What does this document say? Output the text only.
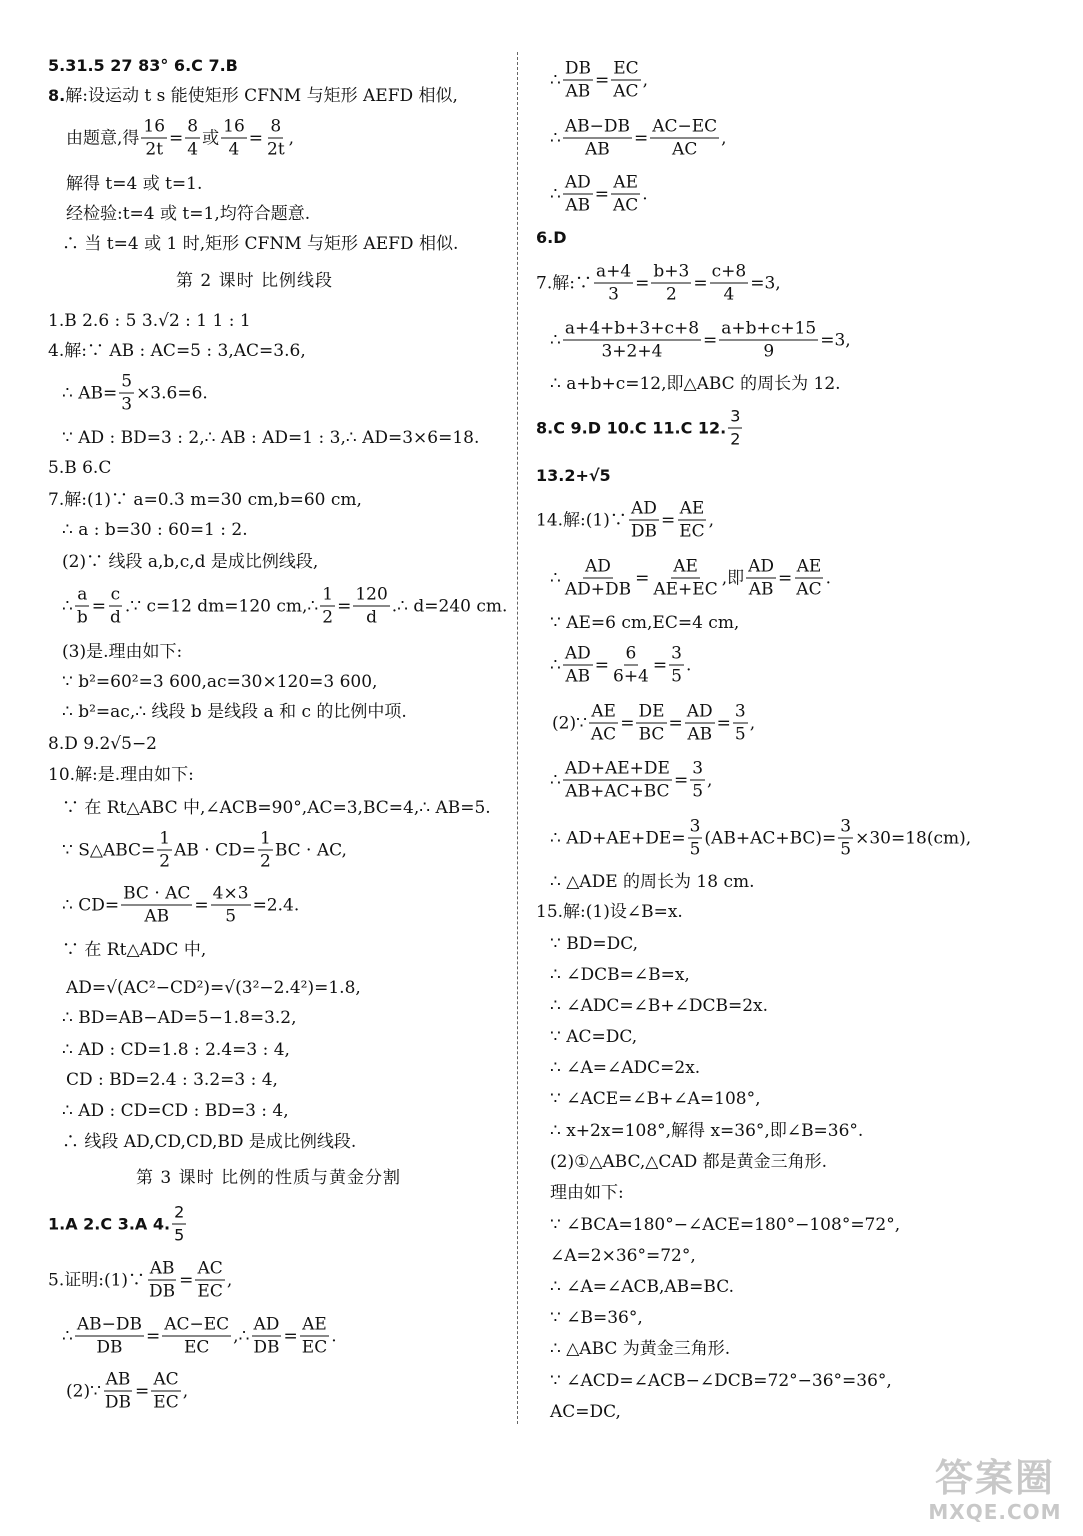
5.31.5 27 83° 6.C 7.B
8. 解:设运动 t s 能使矩形 CFNM 与矩形 AEFD 相似,
由题意,得 $\frac{16}{2t} = \frac{8}{4}$ 或 $\frac{16}{4} = \frac{8}{2t}$ ,
解得 t=4 或 t=1.
经检验:t=4 或 t=1,均符合题意.
∴ 当 t=4 或 1 时,矩形 CFNM 与矩形 AEFD 相似.
第 2 课时 比例线段
1.B 2.6 : 5 3.√2 : 1 1 : 1
4.解:∵ AB : AC=5 : 3,AC=3.6,
∴ $AB= \frac{5}{3} \times 3.6=6$.
∵ AD : BD=3 : 2,∴ AB : AD=1 : 3,∴ AD=3×6=18.
5.B 6.C
7.解:(1)∵ a=0.3 m=30 cm,b=60 cm,
∴ a : b=30 : 60=1 : 2.
(2)∵ 线段 a,b,c,d 是成比例线段,
∴ $\frac{a}{b} = \frac{c}{d}$ .∵ c=12 dm=120 cm,∴ $\frac{1}{2} = \frac{120}{d}$ .∴ d=240 cm.
(3)是.理由如下:
∵ b²=60²=3 600,ac=30×120=3 600,
∴ b²=ac,∴ 线段 b 是线段 a 和 c 的比例中项.
8.D 9.2√5−2
10.解:是.理由如下:
∵ 在 Rt△ABC 中,∠ACB=90°,AC=3,BC=4,∴ AB=5.
∵ S△ABC= $\frac{1}{2}$ AB · $CD= \frac{1}{2}$ BC · AC,
∴ $CD= \frac{BC \cdot AC}{AB} = \frac{4\times 3}{5} =2.4$.
∵ 在 Rt△ADC 中,
AD=√(AC²−CD²)=√(3²−2.4²)=1.8,
∴ BD=AB−AD=5−1.8=3.2,
∴ AD : CD=1.8 : 2.4=3 : 4,
CD : BD=2.4 : 3.2=3 : 4,
∴ AD : CD=CD : BD=3 : 4,
∴ 线段 AD,CD,CD,BD 是成比例线段.
第 3 课时 比例的性质与黄金分割
1.A 2.C 3.A 4. $\frac{2}{5}$
5.证明:(1)∵ $\frac{AB}{DB} = \frac{AC}{EC}$ ,
∴ $\frac{AB-DB}{DB} = \frac{AC-EC}{EC}$ ,∴ $\frac{AD}{DB} = \frac{AE}{EC}$ .
(2)∵ $\frac{AB}{DB} = \frac{AC}{EC}$ ,
∴ $\frac{DB}{AB} = \frac{EC}{AC}$ ,
∴ $\frac{AB-DB}{AB} = \frac{AC-EC}{AC}$ ,
∴ $\frac{AD}{AB} = \frac{AE}{AC}$ .
6.D
7.解:∵ $\frac{a+4}{3} = \frac{b+3}{2} = \frac{c+8}{4} =3$,
∴ $\frac{a+4+b+3+c+8}{3+2+4} = \frac{a+b+c+15}{9} =3$,
∴ a+b+c=12,即△ABC 的周长为 12.
8.C 9.D 10.C 11.C 12. $\frac{3}{2}$
13.2+√5
14.解:(1)∵ $\frac{AD}{DB} = \frac{AE}{EC}$ ,
∴ $\frac{AD}{AD+DB} = \frac{AE}{AE+EC}$ ,即 $\frac{AD}{AB} = \frac{AE}{AC}$ .
∵ AE=6 cm,EC=4 cm,
∴ $\frac{AD}{AB} = \frac{6}{6+4} = \frac{3}{5}$ .
(2)∵ $\frac{AE}{AC} = \frac{DE}{BC} = \frac{AD}{AB} = \frac{3}{5}$ ,
∴ $\frac{AD+AE+DE}{AB+AC+BC} = \frac{3}{5}$ ,
∴ $AD+AE+DE= \frac{3}{5} (AB+AC+BC)= \frac{3}{5} \times 30=18(cm)$,
∴ △ADE 的周长为 18 cm.
15.解:(1)设∠B=x.
∵ BD=DC,
∴ ∠DCB=∠B=x,
∴ ∠ADC=∠B+∠DCB=2x.
∵ AC=DC,
∴ ∠A=∠ADC=2x.
∵ ∠ACE=∠B+∠A=108°,
∴ x+2x=108°,解得 x=36°,即∠B=36°.
(2)①△ABC,△CAD 都是黄金三角形.
理由如下:
∵ ∠BCA=180°−∠ACE=180°−108°=72°,
∠A=2×36°=72°,
∴ ∠A=∠ACB,AB=BC.
∵ ∠B=36°,
∴ △ABC 为黄金三角形.
∵ ∠ACD=∠ACB−∠DCB=72°−36°=36°,
AC=DC,
答案圈
MXQE.COM
